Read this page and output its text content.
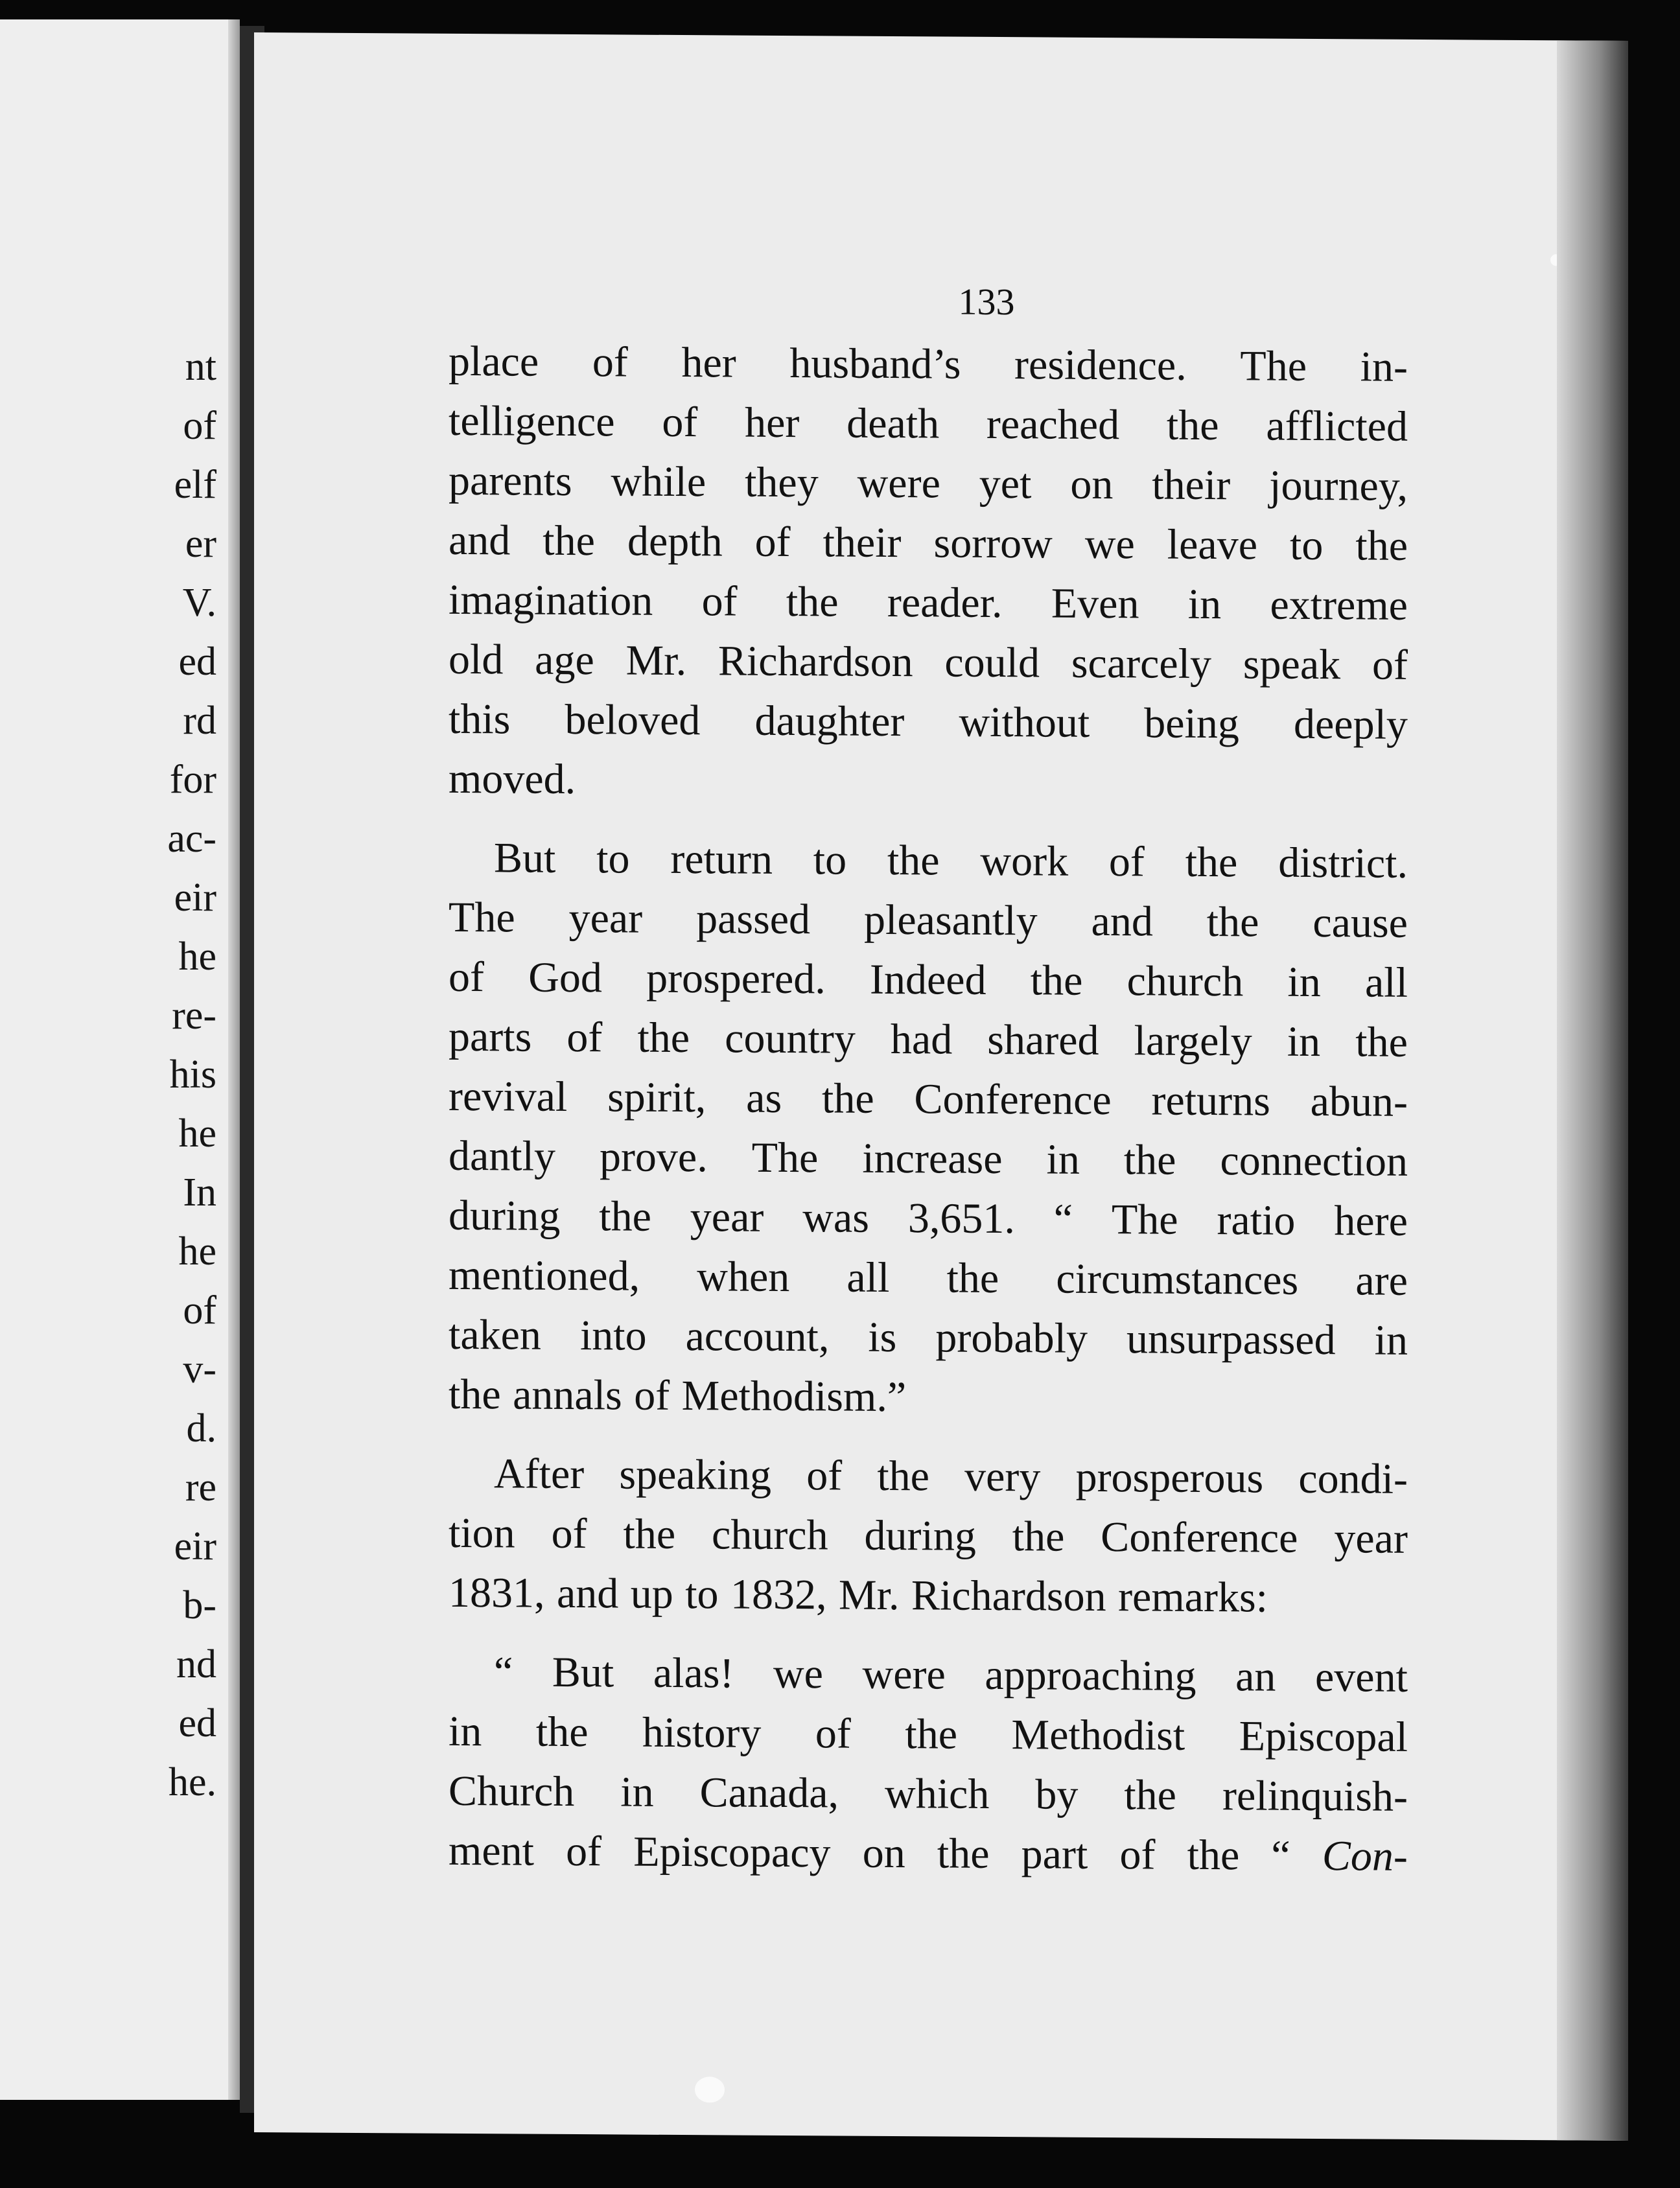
nt
of
elf
er
V.
ed
rd
for
ac-
eir
he
re-
his
he
In
he
of
v-
d.
re
eir
b-
nd
ed
he.
133
place of her husband’s residence. The in-
telligence of her death reached the afflicted
parents while they were yet on their journey,
and the depth of their sorrow we leave to the
imagination of the reader. Even in extreme
old age Mr. Richardson could scarcely speak of
this beloved daughter without being deeply
moved.
But to return to the work of the district.
The year passed pleasantly and the cause
of God prospered. Indeed the church in all
parts of the country had shared largely in the
revival spirit, as the Conference returns abun-
dantly prove. The increase in the connection
during the year was 3,651. “ The ratio here
mentioned, when all the circumstances are
taken into account, is probably unsurpassed in
the annals of Methodism.”
After speaking of the very prosperous condi-
tion of the church during the Conference year
1831, and up to 1832, Mr. Richardson remarks:
“ But alas! we were approaching an event
in the history of the Methodist Episcopal
Church in Canada, which by the relinquish-
ment of Episcopacy on the part of the “ Con-
